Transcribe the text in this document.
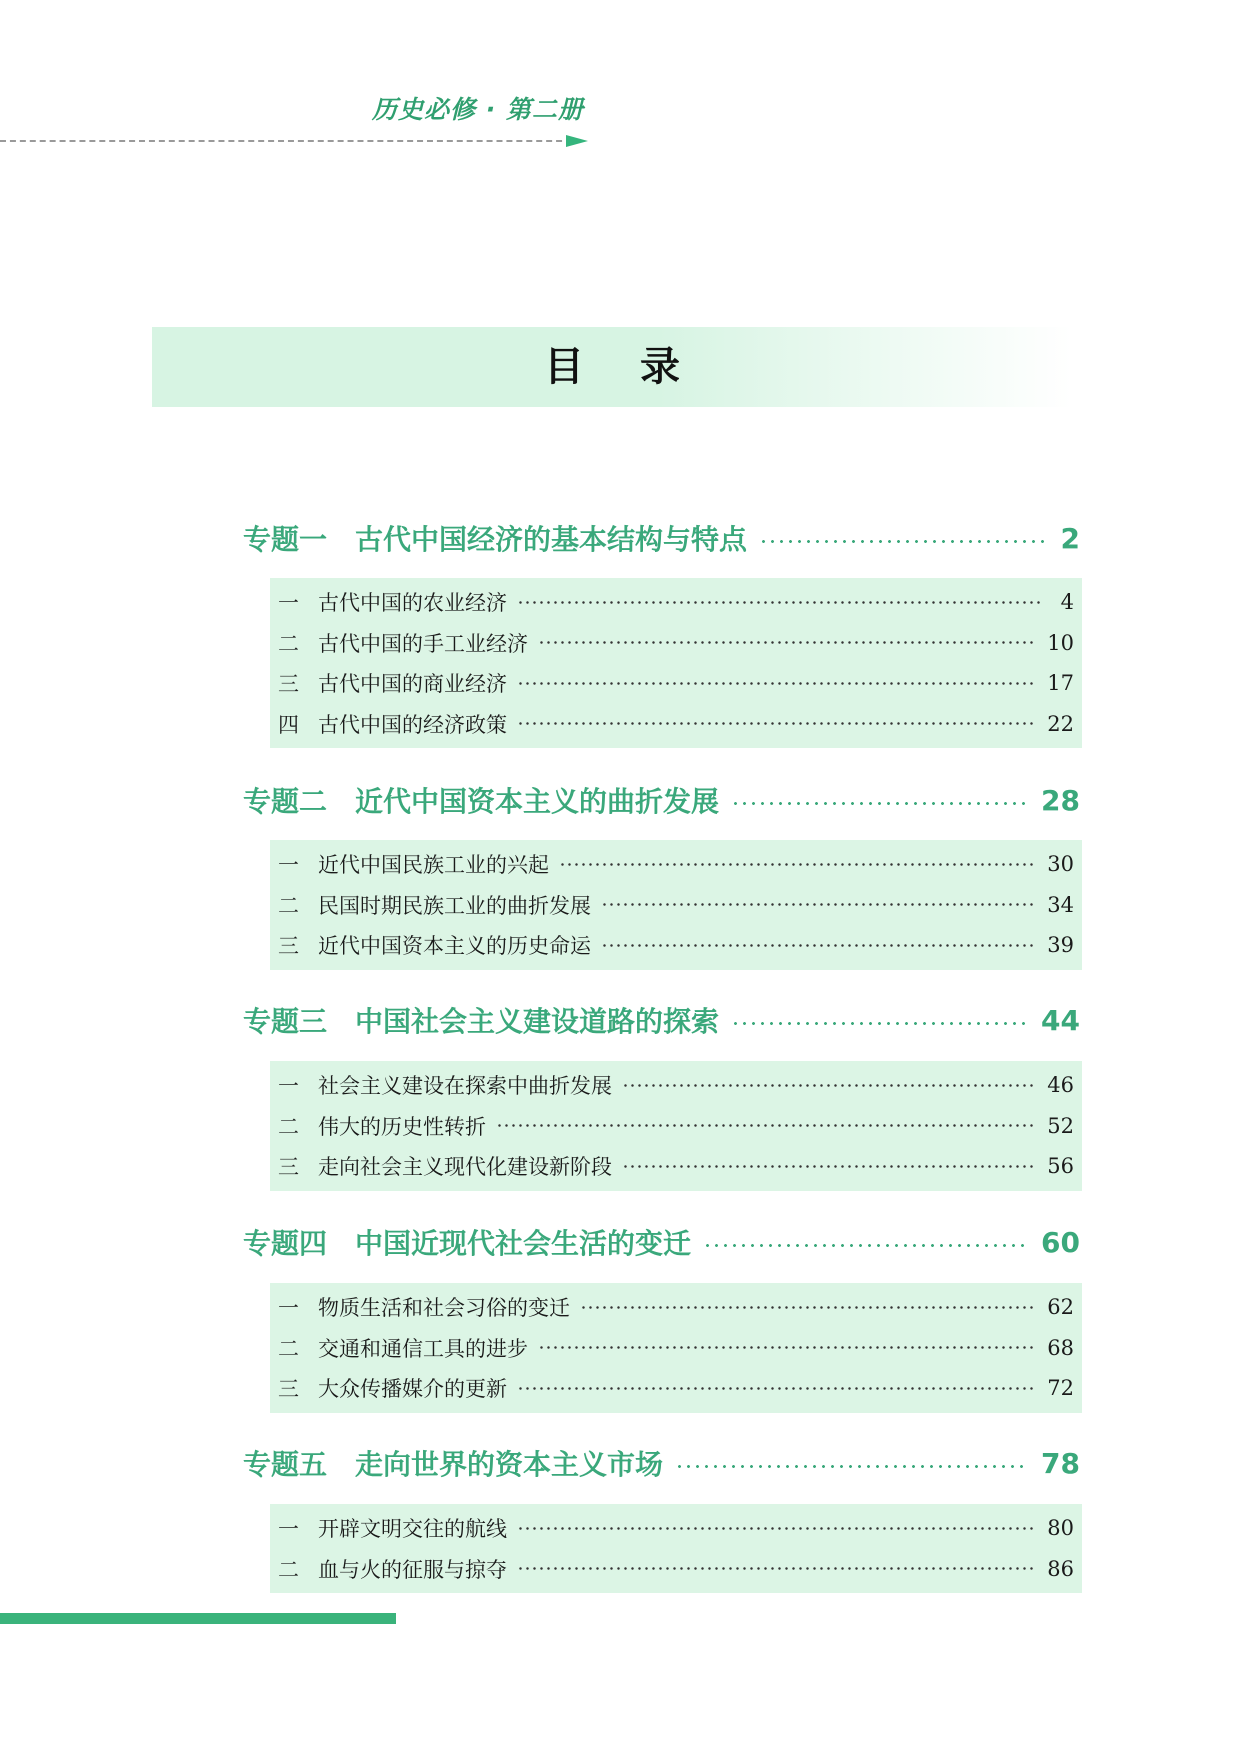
历史必修 · 第二册
目录
专题一 古代中国经济的基本结构与特点	2
一 古代中国的农业经济	4
二 古代中国的手工业经济	10
三 古代中国的商业经济	17
四 古代中国的经济政策	22
专题二 近代中国资本主义的曲折发展	28
一 近代中国民族工业的兴起	30
二 民国时期民族工业的曲折发展	34
三 近代中国资本主义的历史命运	39
专题三 中国社会主义建设道路的探索	44
一 社会主义建设在探索中曲折发展	46
二 伟大的历史性转折	52
三 走向社会主义现代化建设新阶段	56
专题四 中国近现代社会生活的变迁	60
一 物质生活和社会习俗的变迁	62
二 交通和通信工具的进步	68
三 大众传播媒介的更新	72
专题五 走向世界的资本主义市场	78
一 开辟文明交往的航线	80
二 血与火的征服与掠夺	86
